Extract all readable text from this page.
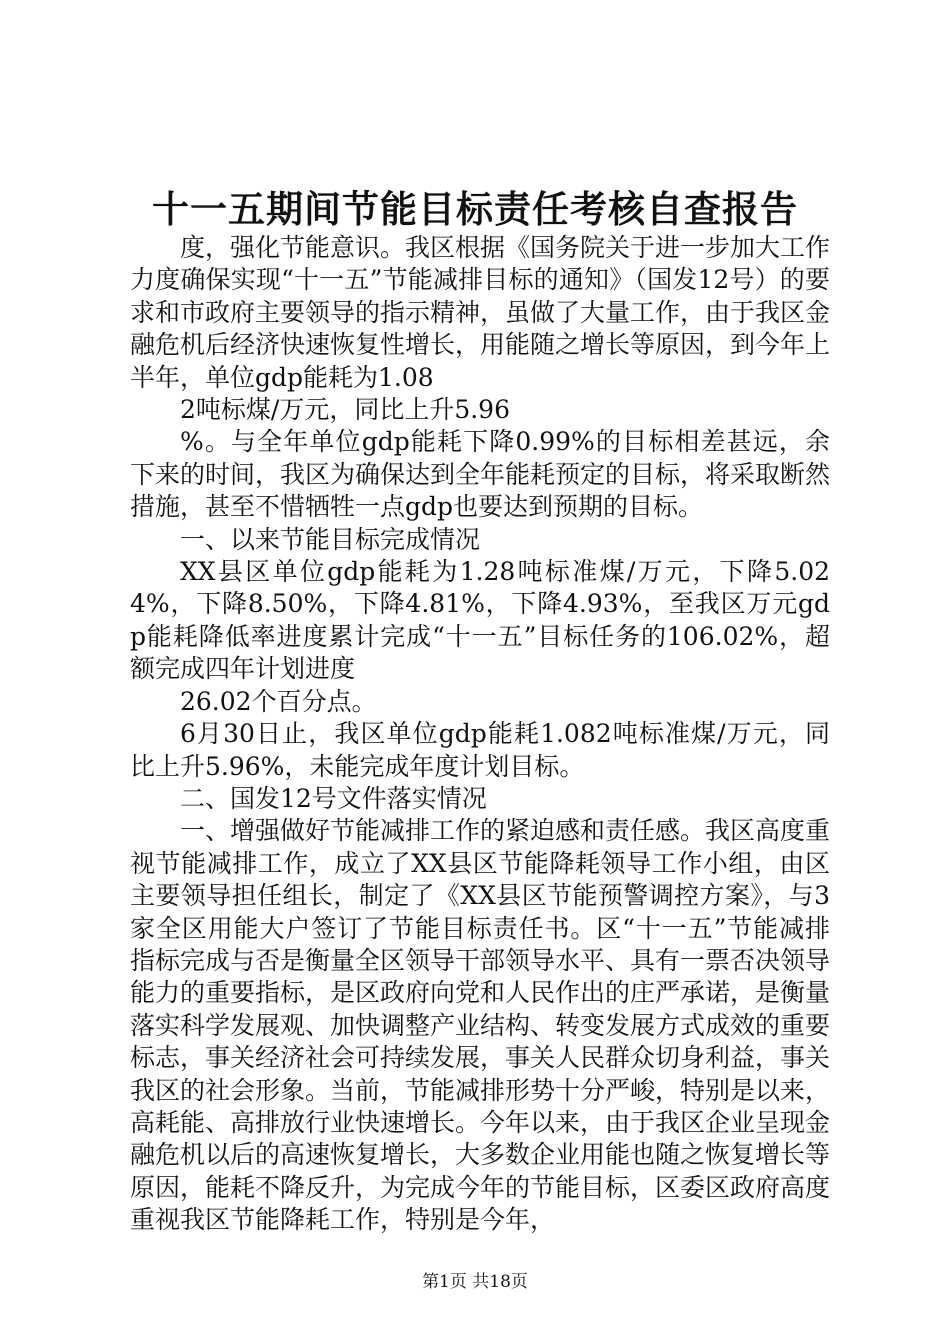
十一五期间节能目标责任考核自查报告

度，强化节能意识。我区根据《国务院关于进一步加大工作力度确保实现“十一五”节能减排目标的通知》（国发12号）的要求和市政府主要领导的指示精神，虽做了大量工作，由于我区金融危机后经济快速恢复性增长，用能随之增长等原因，到今年上半年，单位gdp能耗为1.08

2吨标煤/万元，同比上升5.96

%。与全年单位gdp能耗下降0.99%的目标相差甚远，余下来的时间，我区为确保达到全年能耗预定的目标，将采取断然措施，甚至不惜牺牲一点gdp也要达到预期的目标。

一、以来节能目标完成情况

XX县区单位gdp能耗为1.28吨标准煤/万元，下降5.024%，下降8.50%，下降4.81%，下降4.93%，至我区万元gdp能耗降低率进度累计完成“十一五”目标任务的106.02%，超额完成四年计划进度

26.02个百分点。

6月30日止，我区单位gdp能耗1.082吨标准煤/万元，同比上升5.96%，未能完成年度计划目标。

二、国发12号文件落实情况

一、增强做好节能减排工作的紧迫感和责任感。我区高度重视节能减排工作，成立了XX县区节能降耗领导工作小组，由区主要领导担任组长，制定了《XX县区节能预警调控方案》，与3家全区用能大户签订了节能目标责任书。区“十一五”节能减排指标完成与否是衡量全区领导干部领导水平、具有一票否决领导能力的重要指标，是区政府向党和人民作出的庄严承诺，是衡量落实科学发展观、加快调整产业结构、转变发展方式成效的重要标志，事关经济社会可持续发展，事关人民群众切身利益，事关我区的社会形象。当前，节能减排形势十分严峻，特别是以来，高耗能、高排放行业快速增长。今年以来，由于我区企业呈现金融危机以后的高速恢复增长，大多数企业用能也随之恢复增长等原因，能耗不降反升，为完成今年的节能目标，区委区政府高度重视我区节能降耗工作，特别是今年，

第1页 共18页
